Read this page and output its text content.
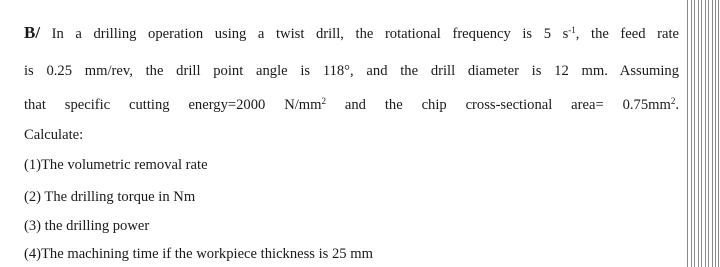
B/ In a drilling operation using a twist drill, the rotational frequency is 5 $s^{-1}$, the feed rate
is 0.25 mm/rev, the drill point angle is 118°, and the drill diameter is 12 mm. Assuming
that specific cutting energy=2000 $N/mm^2$ and the chip cross-sectional area= $0.75mm^2$.
Calculate:
(1)The volumetric removal rate
(2) The drilling torque in Nm
(3) the drilling power
(4)The machining time if the workpiece thickness is 25 mm
